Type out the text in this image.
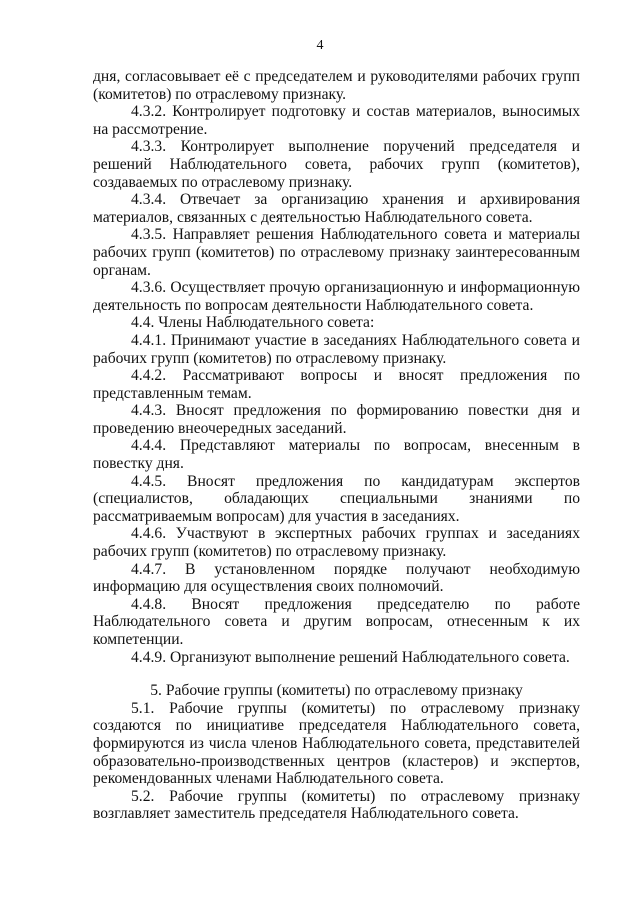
4

дня, согласовывает её с председателем и руководителями рабочих групп (комитетов) по отраслевому признаку.

4.3.2. Контролирует подготовку и состав материалов, выносимых на рассмотрение.

4.3.3. Контролирует выполнение поручений председателя и решений Наблюдательного совета, рабочих групп (комитетов), создаваемых по отраслевому признаку.

4.3.4. Отвечает за организацию хранения и архивирования материалов, связанных с деятельностью Наблюдательного совета.

4.3.5. Направляет решения Наблюдательного совета и материалы рабочих групп (комитетов) по отраслевому признаку заинтересованным органам.

4.3.6. Осуществляет прочую организационную и информационную деятельность по вопросам деятельности Наблюдательного совета.

4.4. Члены Наблюдательного совета:

4.4.1. Принимают участие в заседаниях Наблюдательного совета и рабочих групп (комитетов) по отраслевому признаку.

4.4.2. Рассматривают вопросы и вносят предложения по представленным темам.

4.4.3. Вносят предложения по формированию повестки дня и проведению внеочередных заседаний.

4.4.4. Представляют материалы по вопросам, внесенным в повестку дня.

4.4.5. Вносят предложения по кандидатурам экспертов (специалистов, обладающих специальными знаниями по рассматриваемым вопросам) для участия в заседаниях.

4.4.6. Участвуют в экспертных рабочих группах и заседаниях рабочих групп (комитетов) по отраслевому признаку.

4.4.7. В установленном порядке получают необходимую информацию для осуществления своих полномочий.

4.4.8. Вносят предложения председателю по работе Наблюдательного совета и другим вопросам, отнесенным к их компетенции.

4.4.9. Организуют выполнение решений Наблюдательного совета.

5. Рабочие группы (комитеты) по отраслевому признаку

5.1. Рабочие группы (комитеты) по отраслевому признаку создаются по инициативе председателя Наблюдательного совета, формируются из числа членов Наблюдательного совета, представителей образовательно-производственных центров (кластеров) и экспертов, рекомендованных членами Наблюдательного совета.

5.2. Рабочие группы (комитеты) по отраслевому признаку возглавляет заместитель председателя Наблюдательного совета.
